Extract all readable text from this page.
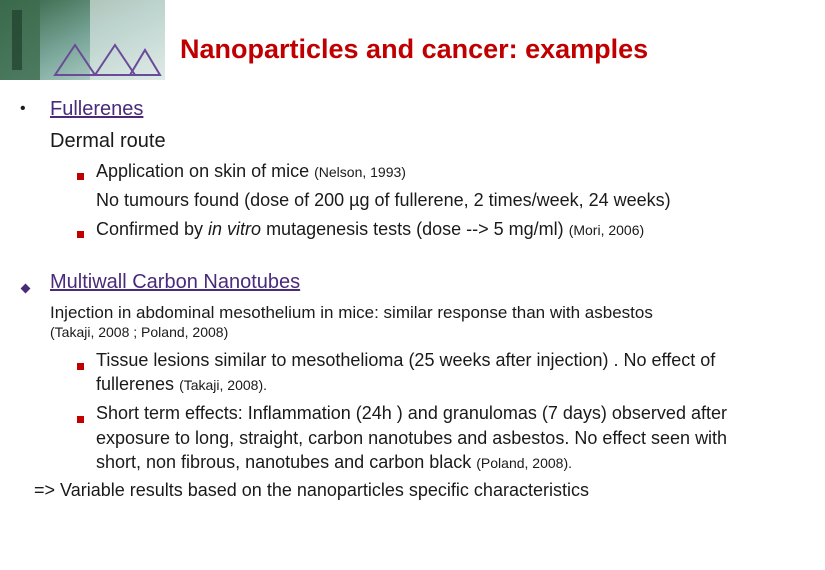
Nanoparticles and cancer: examples
• Fullerenes
Dermal route
Application on skin of mice (Nelson, 1993)
No tumours found (dose of 200 µg of fullerene, 2 times/week, 24 weeks)
Confirmed by in vitro mutagenesis tests (dose --> 5 mg/ml) (Mori, 2006)
Multiwall Carbon Nanotubes
Injection in abdominal mesothelium in mice: similar response than with asbestos
(Takaji, 2008 ; Poland, 2008)
Tissue lesions similar to mesothelioma (25 weeks after injection) . No effect of
fullerenes (Takaji, 2008).
Short term effects: Inflammation (24h ) and granulomas (7 days) observed after
exposure to long, straight, carbon nanotubes and asbestos. No effect seen with
short, non fibrous, nanotubes and carbon black (Poland, 2008).
=> Variable results based on the nanoparticles specific characteristics
